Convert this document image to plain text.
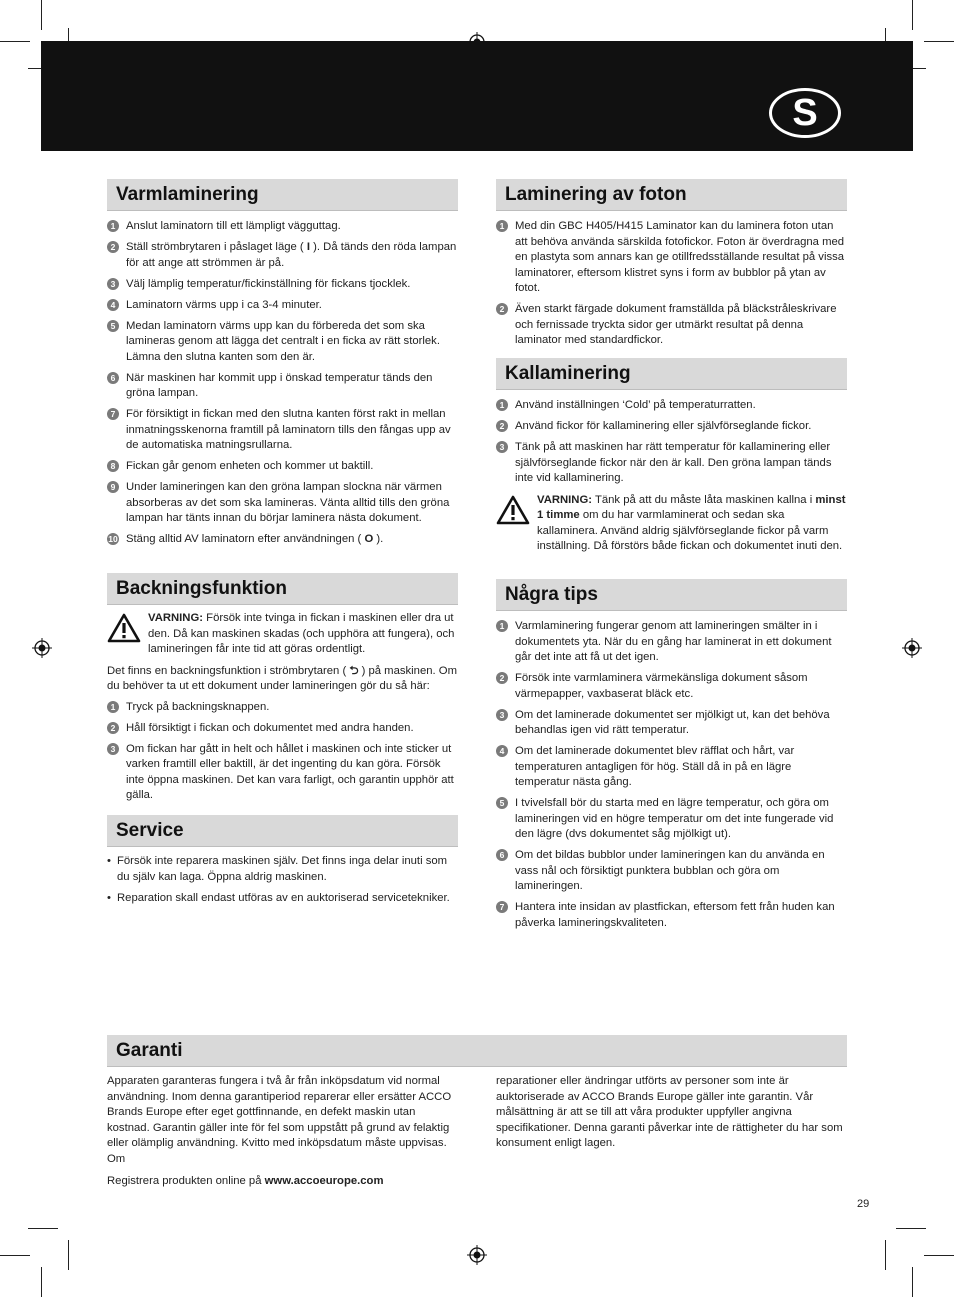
S
Varmlaminering
1 Anslut laminatorn till ett lämpligt vägguttag.
2 Ställ strömbrytaren i påslaget läge ( I ). Då tänds den röda lampan för att ange att strömmen är på.
3 Välj lämplig temperatur/fickinställning för fickans tjocklek.
4 Laminatorn värms upp i ca 3-4 minuter.
5 Medan laminatorn värms upp kan du förbereda det som ska lamineras genom att lägga det centralt i en ficka av rätt storlek. Lämna den slutna kanten som den är.
6 När maskinen har kommit upp i önskad temperatur tänds den gröna lampan.
7 För försiktigt in fickan med den slutna kanten först rakt in mellan inmatningsskenorna framtill på laminatorn tills den fångas upp av de automatiska matningsrullarna.
8 Fickan går genom enheten och kommer ut baktill.
9 Under lamineringen kan den gröna lampan slockna när värmen absorberas av det som ska lamineras. Vänta alltid tills den gröna lampan har tänts innan du börjar laminera nästa dokument.
10 Stäng alltid AV laminatorn efter användningen ( O ).
Backningsfunktion
VARNING: Försök inte tvinga in fickan i maskinen eller dra ut den. Då kan maskinen skadas (och upphöra att fungera), och lamineringen får inte tid att göras ordentligt.
Det finns en backningsfunktion i strömbrytaren ( ⮌ ) på maskinen. Om du behöver ta ut ett dokument under lamineringen gör du så här:
1 Tryck på backningsknappen.
2 Håll försiktigt i fickan och dokumentet med andra handen.
3 Om fickan har gått in helt och hållet i maskinen och inte sticker ut varken framtill eller baktill, är det ingenting du kan göra. Försök inte öppna maskinen. Det kan vara farligt, och garantin upphör att gälla.
Service
• Försök inte reparera maskinen själv. Det finns inga delar inuti som du själv kan laga. Öppna aldrig maskinen.
• Reparation skall endast utföras av en auktoriserad servicetekniker.
Laminering av foton
1 Med din GBC H405/H415 Laminator kan du laminera foton utan att behöva använda särskilda fotofickor. Foton är överdragna med en plastyta som annars kan ge otillfredsställande resultat på vissa laminatorer, eftersom klistret syns i form av bubblor på ytan av fotot.
2 Även starkt färgade dokument framställda på bläckstråleskrivare och fernissade tryckta sidor ger utmärkt resultat på denna laminator med standardfickor.
Kallaminering
1 Använd inställningen ‘Cold’ på temperaturratten.
2 Använd fickor för kallaminering eller självförseglande fickor.
3 Tänk på att maskinen har rätt temperatur för kallaminering eller självförseglande fickor när den är kall. Den gröna lampan tänds inte vid kallaminering.
VARNING: Tänk på att du måste låta maskinen kallna i minst 1 timme om du har varmlaminerat och sedan ska kallaminera. Använd aldrig självförseglande fickor på varm inställning. Då förstörs både fickan och dokumentet inuti den.
Några tips
1 Varmlaminering fungerar genom att lamineringen smälter in i dokumentets yta. När du en gång har laminerat in ett dokument går det inte att få ut det igen.
2 Försök inte varmlaminera värmekänsliga dokument såsom värmepapper, vaxbaserat bläck etc.
3 Om det laminerade dokumentet ser mjölkigt ut, kan det behöva behandlas igen vid rätt temperatur.
4 Om det laminerade dokumentet blev räfflat och hårt, var temperaturen antagligen för hög. Ställ då in på en lägre temperatur nästa gång.
5 I tvivelsfall bör du starta med en lägre temperatur, och göra om lamineringen vid en högre temperatur om det inte fungerade vid den lägre (dvs dokumentet såg mjölkigt ut).
6 Om det bildas bubblor under lamineringen kan du använda en vass nål och försiktigt punktera bubblan och göra om lamineringen.
7 Hantera inte insidan av plastfickan, eftersom fett från huden kan påverka lamineringskvaliteten.
Garanti
Apparaten garanteras fungera i två år från inköpsdatum vid normal användning. Inom denna garantiperiod reparerar eller ersätter ACCO Brands Europe efter eget gottfinnande, en defekt maskin utan kostnad. Garantin gäller inte för fel som uppstått på grund av felaktig eller olämplig användning. Kvitto med inköpsdatum måste uppvisas. Om
Registrera produkten online på www.accoeurope.com
reparationer eller ändringar utförts av personer som inte är auktoriserade av ACCO Brands Europe gäller inte garantin. Vår målsättning är att se till att våra produkter uppfyller angivna specifikationer. Denna garanti påverkar inte de rättigheter du har som konsument enligt lagen.
29
